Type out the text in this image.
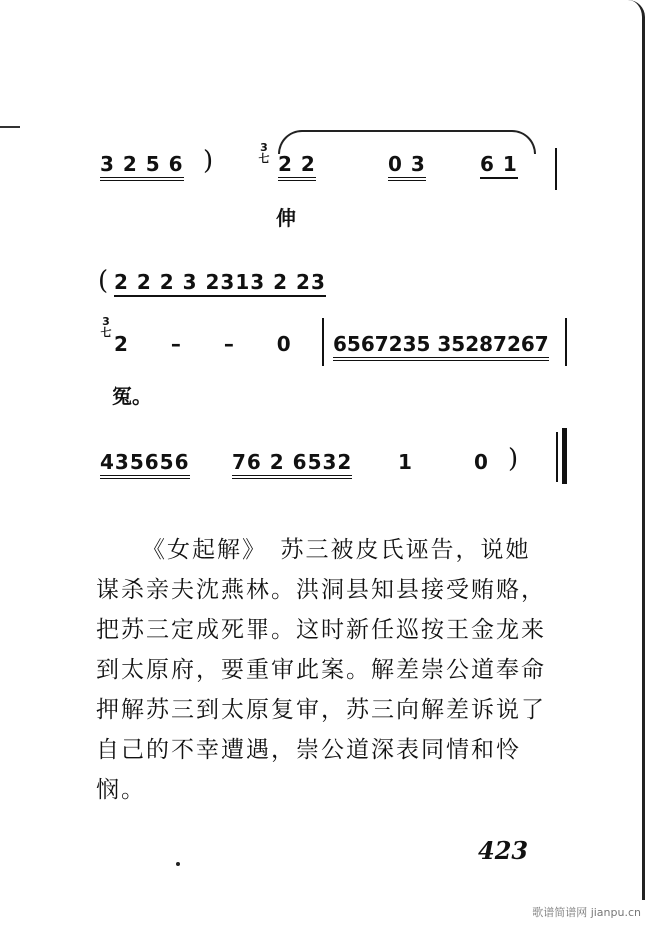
3 2 5 6 )	3
七 2 2	0 3	6 1
伸
( 2 2 2 3 2313 2 23
3
七 2 – – 0 6567235 35287267
冤。
435656 76 2 6532 1	0 )

《女起解》　苏三被皮氏诬告，说她

谋杀亲夫沈燕林。洪洞县知县接受贿赂，

把苏三定成死罪。这时新任巡按王金龙来

到太原府，要重审此案。解差崇公道奉命

押解苏三到太原复审，苏三向解差诉说了

自己的不幸遭遇，崇公道深表同情和怜

悯。

423
歌谱简谱网 jianpu.cn
